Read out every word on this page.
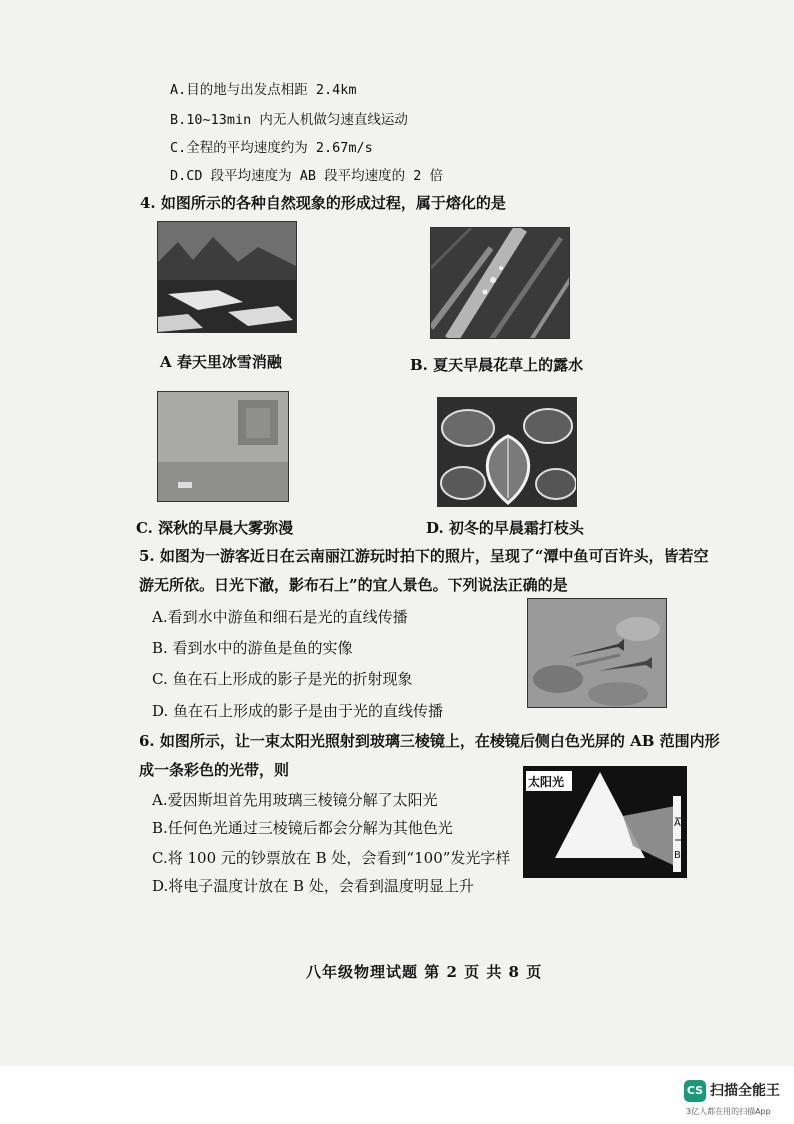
A.目的地与出发点相距 2.4km
B.10~13min 内无人机做匀速直线运动
C.全程的平均速度约为 2.67m/s
D.CD 段平均速度为 AB 段平均速度的 2 倍
4. 如图所示的各种自然现象的形成过程，属于熔化的是
A 春天里冰雪消融	B. 夏天早晨花草上的露水
C. 深秋的早晨大雾弥漫	D. 初冬的早晨霜打枝头
5. 如图为一游客近日在云南丽江游玩时拍下的照片，呈现了“潭中鱼可百许头，皆若空
游无所依。日光下澈，影布石上”的宜人景色。下列说法正确的是
A.看到水中游鱼和细石是光的直线传播
B. 看到水中的游鱼是鱼的实像
C. 鱼在石上形成的影子是光的折射现象
D. 鱼在石上形成的影子是由于光的直线传播
6. 如图所示，让一束太阳光照射到玻璃三棱镜上，在棱镜后侧白色光屏的 AB 范围内形
成一条彩色的光带，则
太阳光
A
B
A.爱因斯坦首先用玻璃三棱镜分解了太阳光
B.任何色光通过三棱镜后都会分解为其他色光
C.将 100 元的钞票放在 B 处，会看到“100”发光字样
D.将电子温度计放在 B 处，会看到温度明显上升
八年级物理试题 第 2 页 共 8 页
CS 扫描全能王
3亿人都在用的扫描App
